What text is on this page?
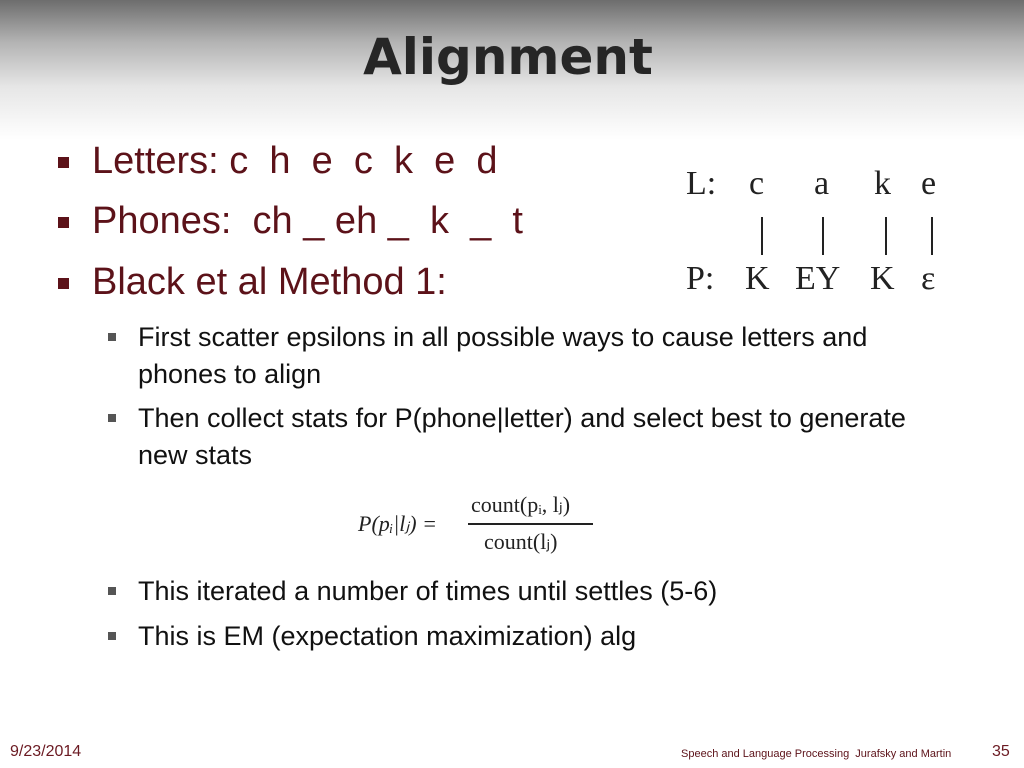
Alignment

Letters: c  h  e  c  k  e  d

Phones:  ch _ eh _  k  _  t

Black et al Method 1:

First scatter epsilons in all possible ways to cause letters and phones to align
Then collect stats for P(phone|letter) and select best to generate new stats
This iterated a number of times until settles (5-6)
This is EM (expectation maximization) alg
L: c a k e
P: K EY K ε
P(pᵢ|lⱼ) =
count(pᵢ, lⱼ)
count(lⱼ)
9/23/2014	Speech and Language Processing  Jurafsky and Martin	35
